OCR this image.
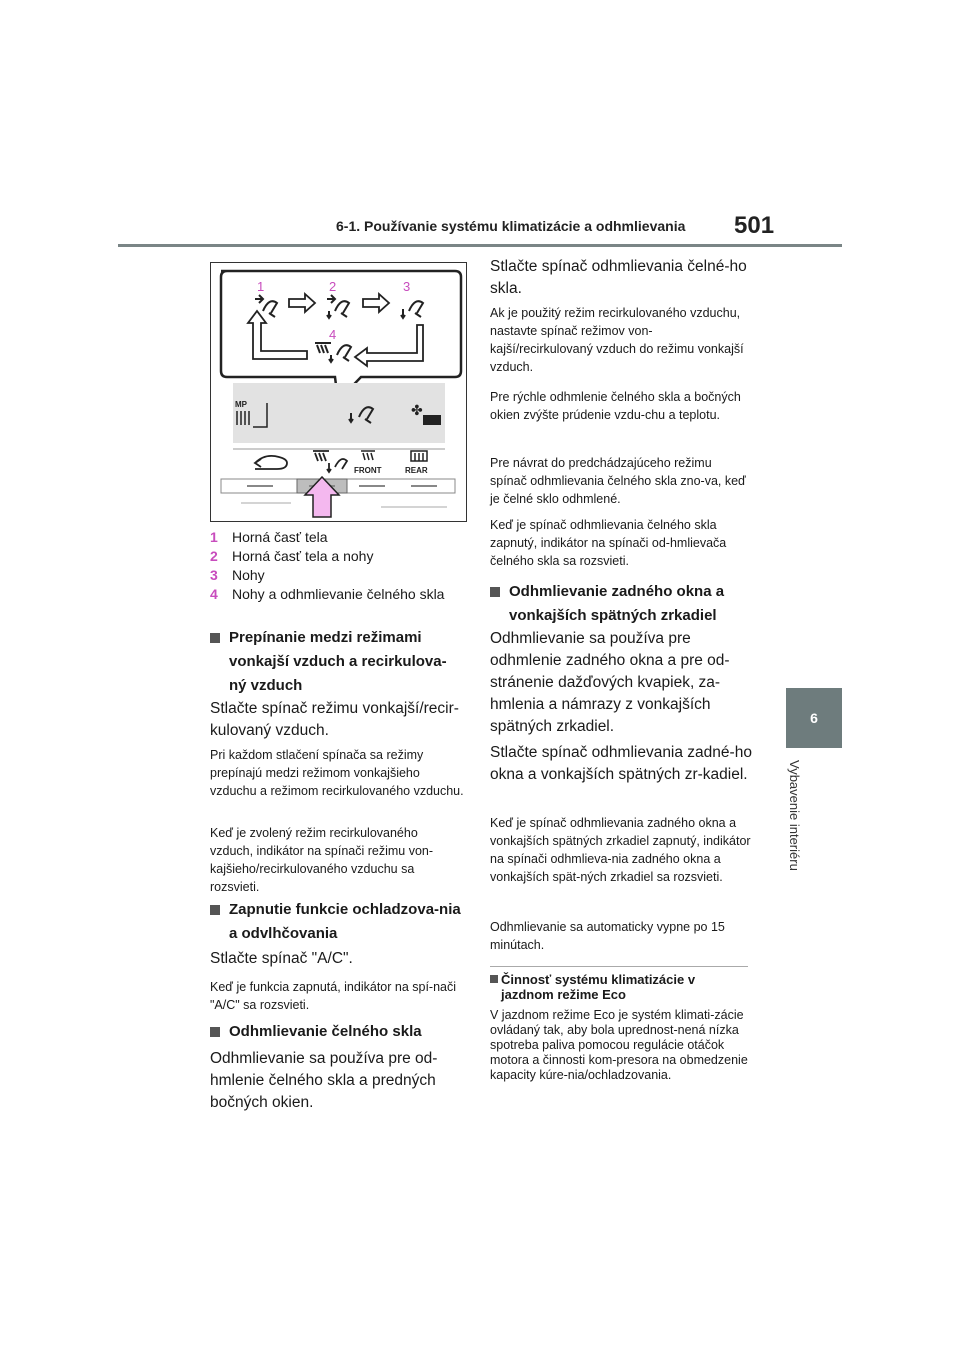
6-1. Používanie systému klimatizácie a odhmlievania 501
6
Vybavenie interiéru
1	2	3
4
MP	✤
FRONT	REAR
1	Horná časť tela
2	Horná časť tela a nohy
3	Nohy
4	Nohy a odhmlievanie čelného skla

Prepínanie medzi režimami vonkajší vzduch a recirkulova-ný vzduch

Stlačte spínač režimu vonkajší/recir-kulovaný vzduch.

Pri každom stlačení spínača sa režimy prepínajú medzi režimom vonkajšieho vzduchu a režimom recirkulovaného vzduchu.

Keď je zvolený režim recirkulovaného vzduch, indikátor na spínači režimu von-kajšieho/recirkulovaného vzduchu sa rozsvieti.

Zapnutie funkcie ochladzova-nia a odvlhčovania

Stlačte spínač "A/C".

Keď je funkcia zapnutá, indikátor na spí-nači "A/C" sa rozsvieti.

Odhmlievanie čelného skla

Odhmlievanie sa používa pre od-hmlenie čelného skla a predných bočných okien.

Stlačte spínač odhmlievania čelné-ho skla.

Ak je použitý režim recirkulovaného vzduchu, nastavte spínač režimov von-kajší/recirkulovaný vzduch do režimu vonkajší vzduch.

Pre rýchle odhmlenie čelného skla a bočných okien zvýšte prúdenie vzdu-chu a teplotu.

Pre návrat do predchádzajúceho režimu spínač odhmlievania čelného skla zno-va, keď je čelné sklo odhmlené.

Keď je spínač odhmlievania čelného skla zapnutý, indikátor na spínači od-hmlievača čelného skla sa rozsvieti.

Odhmlievanie zadného okna a vonkajších spätných zrkadiel

Odhmlievanie sa používa pre odhmlenie zadného okna a pre od-stránenie dažďových kvapiek, za-hmlenia a námrazy z vonkajších spätných zrkadiel.

Stlačte spínač odhmlievania zadné-ho okna a vonkajších spätných zr-kadiel.

Keď je spínač odhmlievania zadného okna a vonkajších spätných zrkadiel zapnutý, indikátor na spínači odhmlieva-nia zadného okna a vonkajších spät-ných zrkadiel sa rozsvieti.

Odhmlievanie sa automaticky vypne po 15 minútach.

Činnosť systému klimatizácie v jazdnom režime Eco

V jazdnom režime Eco je systém klimati-zácie ovládaný tak, aby bola uprednost-nená nízka spotreba paliva pomocou regulácie otáčok motora a činnosti kom-presora na obmedzenie kapacity kúre-nia/ochladzovania.
